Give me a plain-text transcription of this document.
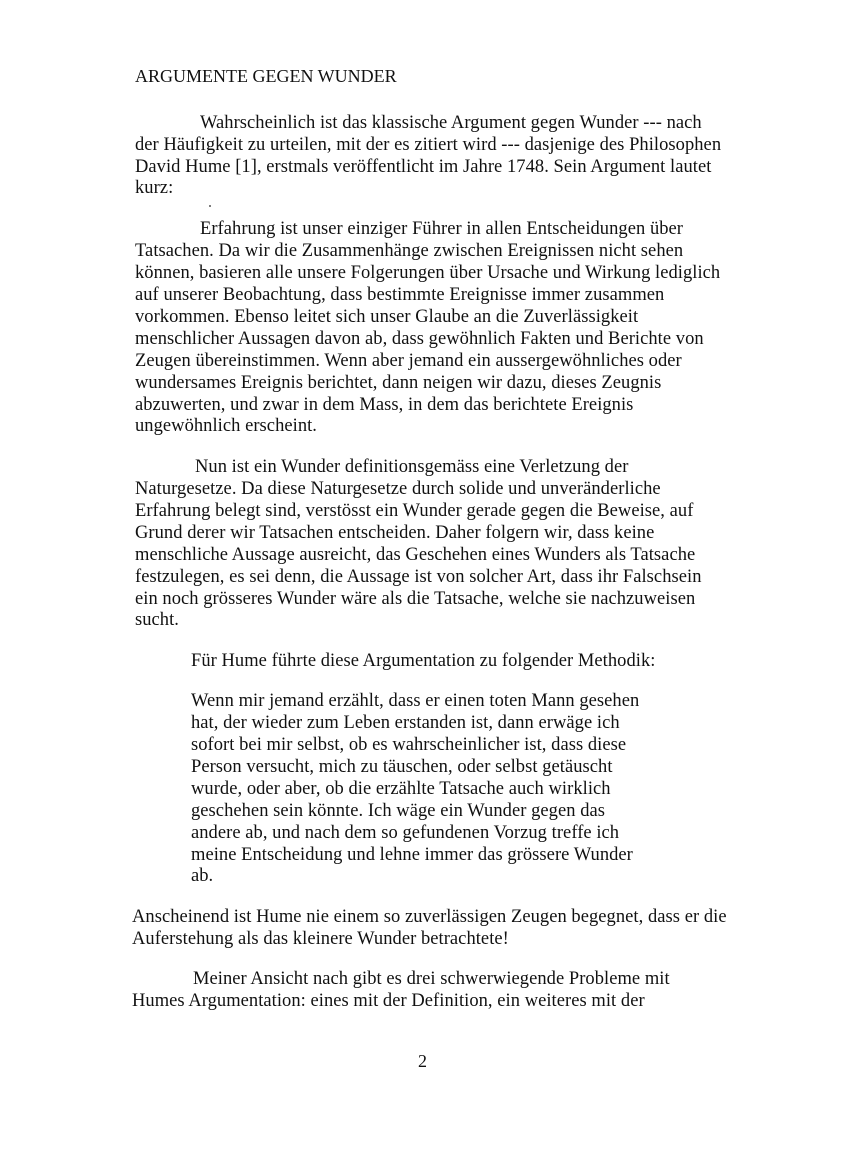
ARGUMENTE GEGEN WUNDER
Wahrscheinlich ist das klassische Argument gegen Wunder --- nach
der Häufigkeit zu urteilen, mit der es zitiert wird --- dasjenige des Philosophen
David Hume [1], erstmals veröffentlicht im Jahre 1748. Sein Argument lautet
kurz:
Erfahrung ist unser einziger Führer in allen Entscheidungen über
Tatsachen. Da wir die Zusammenhänge zwischen Ereignissen nicht sehen
können, basieren alle unsere Folgerungen über Ursache und Wirkung lediglich
auf unserer Beobachtung, dass bestimmte Ereignisse immer zusammen
vorkommen. Ebenso leitet sich unser Glaube an die Zuverlässigkeit
menschlicher Aussagen davon ab, dass gewöhnlich Fakten und Berichte von
Zeugen übereinstimmen. Wenn aber jemand ein aussergewöhnliches oder
wundersames Ereignis berichtet, dann neigen wir dazu, dieses Zeugnis
abzuwerten, und zwar in dem Mass, in dem das berichtete Ereignis
ungewöhnlich erscheint.
Nun ist ein Wunder definitionsgemäss eine Verletzung der
Naturgesetze. Da diese Naturgesetze durch solide und unveränderliche
Erfahrung belegt sind, verstösst ein Wunder gerade gegen die Beweise, auf
Grund derer wir Tatsachen entscheiden. Daher folgern wir, dass keine
menschliche Aussage ausreicht, das Geschehen eines Wunders als Tatsache
festzulegen, es sei denn, die Aussage ist von solcher Art, dass ihr Falschsein
ein noch grösseres Wunder wäre als die Tatsache, welche sie nachzuweisen
sucht.
Für Hume führte diese Argumentation zu folgender Methodik:
Wenn mir jemand erzählt, dass er einen toten Mann gesehen
hat, der wieder zum Leben erstanden ist, dann erwäge ich
sofort bei mir selbst, ob es wahrscheinlicher ist, dass diese
Person versucht, mich zu täuschen, oder selbst getäuscht
wurde, oder aber, ob die erzählte Tatsache auch wirklich
geschehen sein könnte. Ich wäge ein Wunder gegen das
andere ab, und nach dem so gefundenen Vorzug treffe ich
meine Entscheidung und lehne immer das grössere Wunder
ab.
Anscheinend ist Hume nie einem so zuverlässigen Zeugen begegnet, dass er die
Auferstehung als das kleinere Wunder betrachtete!
Meiner Ansicht nach gibt es drei schwerwiegende Probleme mit
Humes Argumentation: eines mit der Definition, ein weiteres mit der
2
